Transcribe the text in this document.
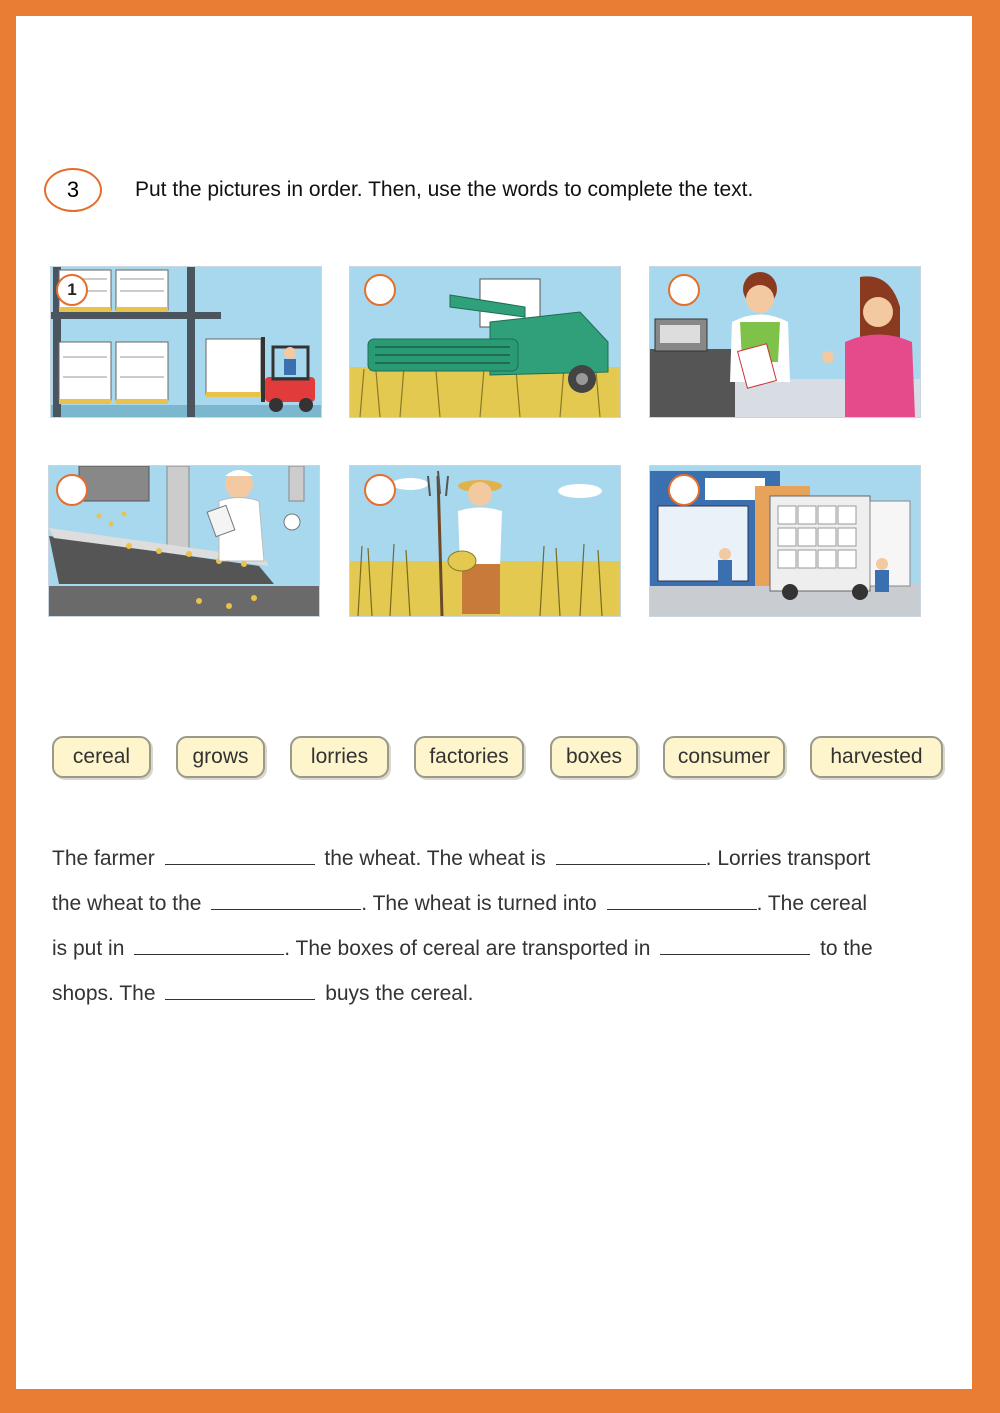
3	Put the pictures in order. Then, use the words to complete the text.
1
cereal	grows	lorries	factories	boxes	consumer	harvested
The farmer	the wheat. The wheat is	. Lorries transport
the wheat to the	. The wheat is turned into	. The cereal
is put in	. The boxes of cereal are transported in	to the
shops. The	buys the cereal.
